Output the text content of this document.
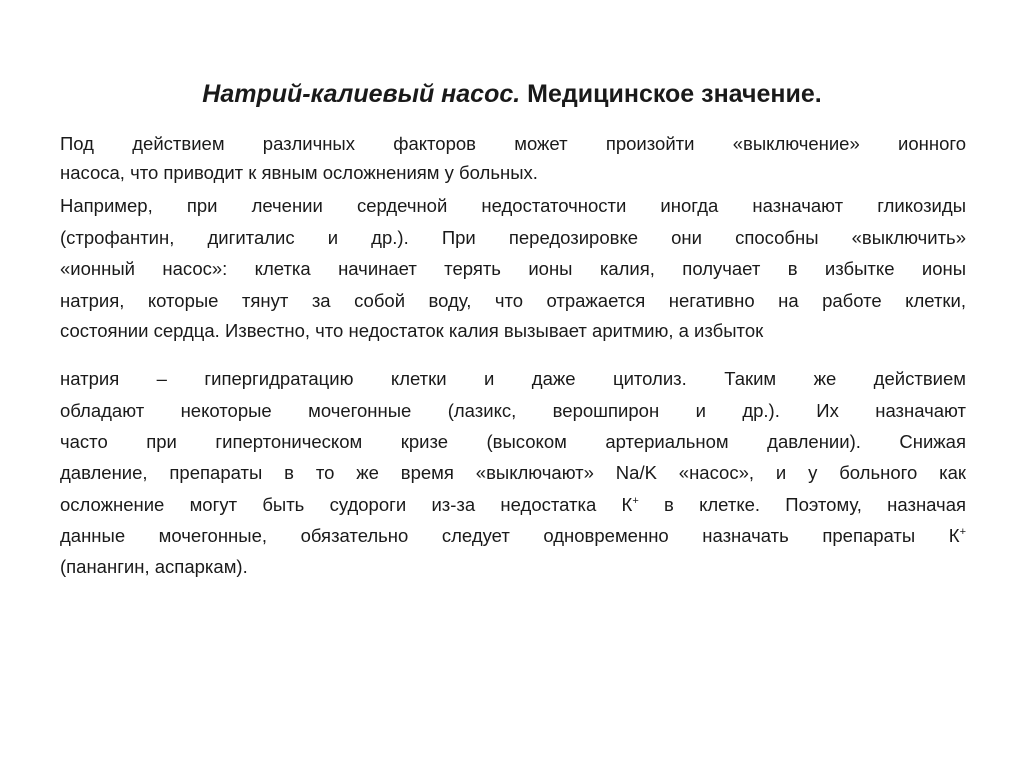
Натрий-калиевый насос. Медицинское значение.
Под действием различных факторов может произойти «выключение» ионного
насоса, что приводит к явным осложнениям у больных.
Например, при лечении сердечной недостаточности иногда назначают гликозиды
(строфантин, дигиталис и др.). При передозировке они способны «выключить»
«ионный насос»: клетка начинает терять ионы калия, получает в избытке ионы
натрия, которые тянут за собой воду, что отражается негативно на работе клетки,
состоянии сердца. Известно, что недостаток калия вызывает аритмию, а избыток
натрия – гипергидратацию клетки и даже цитолиз. Таким же действием
обладают некоторые мочегонные (лазикс, верошпирон и др.). Их назначают
часто при гипертоническом кризе (высоком артериальном давлении). Снижая
давление, препараты в то же время «выключают» Na/K «насос», и у больного как
осложнение могут быть судороги из-за недостатка К+ в клетке. Поэтому, назначая
данные мочегонные, обязательно следует одновременно назначать препараты К+
(панангин, аспаркам).
